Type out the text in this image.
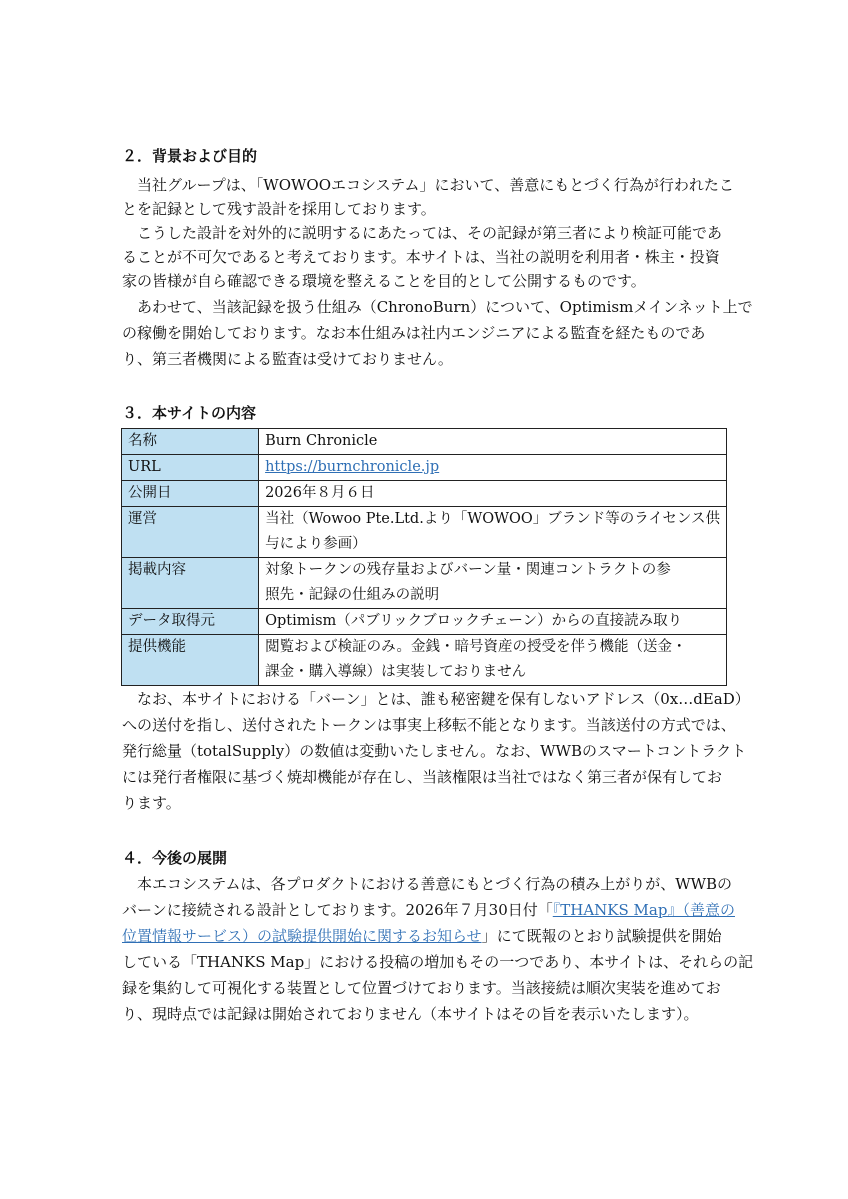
２．背景および目的
当社グループは、「WOWOOエコシステム」において、善意にもとづく行為が行われたこ
とを記録として残す設計を採用しております。
こうした設計を対外的に説明するにあたっては、その記録が第三者により検証可能であ
ることが不可欠であると考えております。本サイトは、当社の説明を利用者・株主・投資
家の皆様が自ら確認できる環境を整えることを目的として公開するものです。
あわせて、当該記録を扱う仕組み（ChronoBurn）について、Optimismメインネット上で
の稼働を開始しております。なお本仕組みは社内エンジニアによる監査を経たものであ
り、第三者機関による監査は受けておりません。
３．本サイトの内容
名称	Burn Chronicle

URL	https://burnchronicle.jp

公開日	2026年８月６日

運営	当社（Wowoo Pte.Ltd.より「WOWOO」ブランド等のライセンス供
与により参画）

掲載内容	対象トークンの残存量およびバーン量・関連コントラクトの参
照先・記録の仕組みの説明

データ取得元	Optimism（パブリックブロックチェーン）からの直接読み取り

提供機能	閲覧および検証のみ。金銭・暗号資産の授受を伴う機能（送金・
課金・購入導線）は実装しておりません
なお、本サイトにおける「バーン」とは、誰も秘密鍵を保有しないアドレス（0x…dEaD）
への送付を指し、送付されたトークンは事実上移転不能となります。当該送付の方式では、
発行総量（totalSupply）の数値は変動いたしません。なお、WWBのスマートコントラクト
には発行者権限に基づく焼却機能が存在し、当該権限は当社ではなく第三者が保有してお
ります。
４．今後の展開
本エコシステムは、各プロダクトにおける善意にもとづく行為の積み上がりが、WWBの
バーンに接続される設計としております。2026年７月30日付「『THANKS Map』（善意の
位置情報サービス）の試験提供開始に関するお知らせ」にて既報のとおり試験提供を開始
している「THANKS Map」における投稿の増加もその一つであり、本サイトは、それらの記
録を集約して可視化する装置として位置づけております。当該接続は順次実装を進めてお
り、現時点では記録は開始されておりません（本サイトはその旨を表示いたします）。
